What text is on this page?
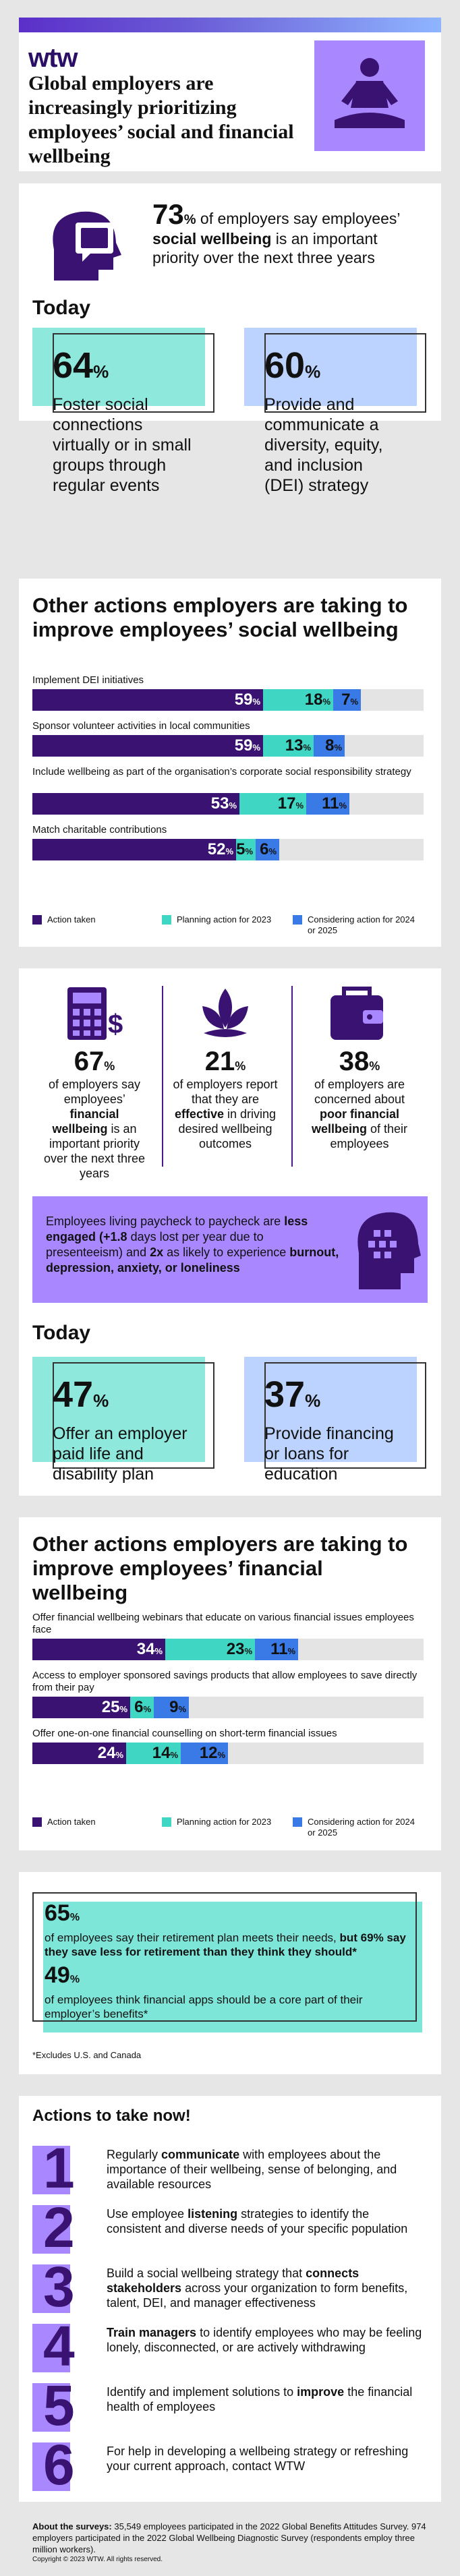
wtw
Global employers are increasingly prioritizing employees’ social and financial wellbeing
73% of employers say employees’ social wellbeing is an important priority over the next three years
Today
64%
Foster social connections virtually or in small groups through regular events
60%
Provide and communicate a diversity, equity, and inclusion (DEI) strategy
Other actions employers are taking to improve employees’ social wellbeing
Implement DEI initiatives
59%	18% 7%
Sponsor volunteer activities in local communities
59%	13% 8%
Include wellbeing as part of the organisation’s corporate social responsibility strategy
53%	17%	11%
Match charitable contributions
52% 5% 6%
Action taken	Planning action for 2023	Considering action for 2024 or 2025
$
67%
of employers say employees’ financial wellbeing is an important priority over the next three years
21%
of employers report that they are effective in driving desired wellbeing outcomes
38%
of employers are concerned about poor financial wellbeing of their employees
Employees living paycheck to paycheck are less engaged (+1.8 days lost per year due to presenteeism) and 2x as likely to experience burnout, depression, anxiety, or loneliness
Today
47%
Offer an employer paid life and disability plan
37%
Provide financing or loans for education
Other actions employers are taking to improve employees’ financial wellbeing
Offer financial wellbeing webinars that educate on various financial issues employees face
34%	23%	11%
Access to employer sponsored savings products that allow employees to save directly from their pay
25% 6%	9%
Offer one-on-one financial counselling on short-term financial issues
24%	14%	12%
Action taken	Planning action for 2023	Considering action for 2024 or 2025
65%
of employees say their retirement plan meets their needs, but 69% say they save less for retirement than they think they should*
49%
of employees think financial apps should be a core part of their employer’s benefits*
*Excludes U.S. and Canada
Actions to take now!
1	Regularly communicate with employees about the importance of their wellbeing, sense of belonging, and available resources
2	Use employee listening strategies to identify the consistent and diverse needs of your specific population
3	Build a social wellbeing strategy that connects stakeholders across your organization to form benefits, talent, DEI, and manager effectiveness
4	Train managers to identify employees who may be feeling lonely, disconnected, or are actively withdrawing
5	Identify and implement solutions to improve the financial health of employees
6	For help in developing a wellbeing strategy or refreshing your current approach, contact WTW
About the surveys: 35,549 employees participated in the 2022 Global Benefits Attitudes Survey. 974 employers participated in the 2022 Global Wellbeing Diagnostic Survey (respondents employ three million workers).
Copyright © 2023 WTW. All rights reserved.
